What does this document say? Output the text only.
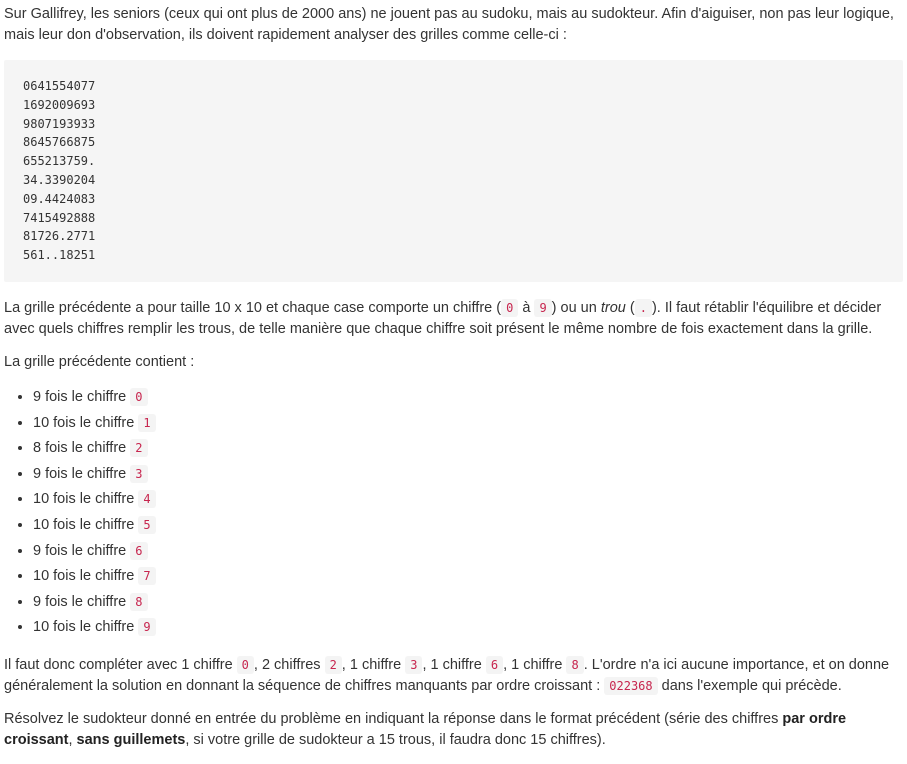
Sur Gallifrey, les seniors (ceux qui ont plus de 2000 ans) ne jouent pas au sudoku, mais au sudokteur. Afin d'aiguiser, non pas leur logique, mais leur don d'observation, ils doivent rapidement analyser des grilles comme celle-ci :

0641554077
1692009693
9807193933
8645766875
655213759.
34.3390204
09.4424083
7415492888
81726.2771
561..18251

La grille précédente a pour taille 10 x 10 et chaque case comporte un chiffre ( 0 à 9 ) ou un trou ( . ). Il faut rétablir l'équilibre et décider avec quels chiffres remplir les trous, de telle manière que chaque chiffre soit présent le même nombre de fois exactement dans la grille.

La grille précédente contient :

• 9 fois le chiffre 0
• 10 fois le chiffre 1
• 8 fois le chiffre 2
• 9 fois le chiffre 3
• 10 fois le chiffre 4
• 10 fois le chiffre 5
• 9 fois le chiffre 6
• 10 fois le chiffre 7
• 9 fois le chiffre 8
• 10 fois le chiffre 9

Il faut donc compléter avec 1 chiffre 0 , 2 chiffres 2 , 1 chiffre 3 , 1 chiffre 6 , 1 chiffre 8 . L'ordre n'a ici aucune importance, et on donne généralement la solution en donnant la séquence de chiffres manquants par ordre croissant : 022368 dans l'exemple qui précède.

Résolvez le sudokteur donné en entrée du problème en indiquant la réponse dans le format précédent (série des chiffres par ordre croissant, sans guillemets, si votre grille de sudokteur a 15 trous, il faudra donc 15 chiffres).
